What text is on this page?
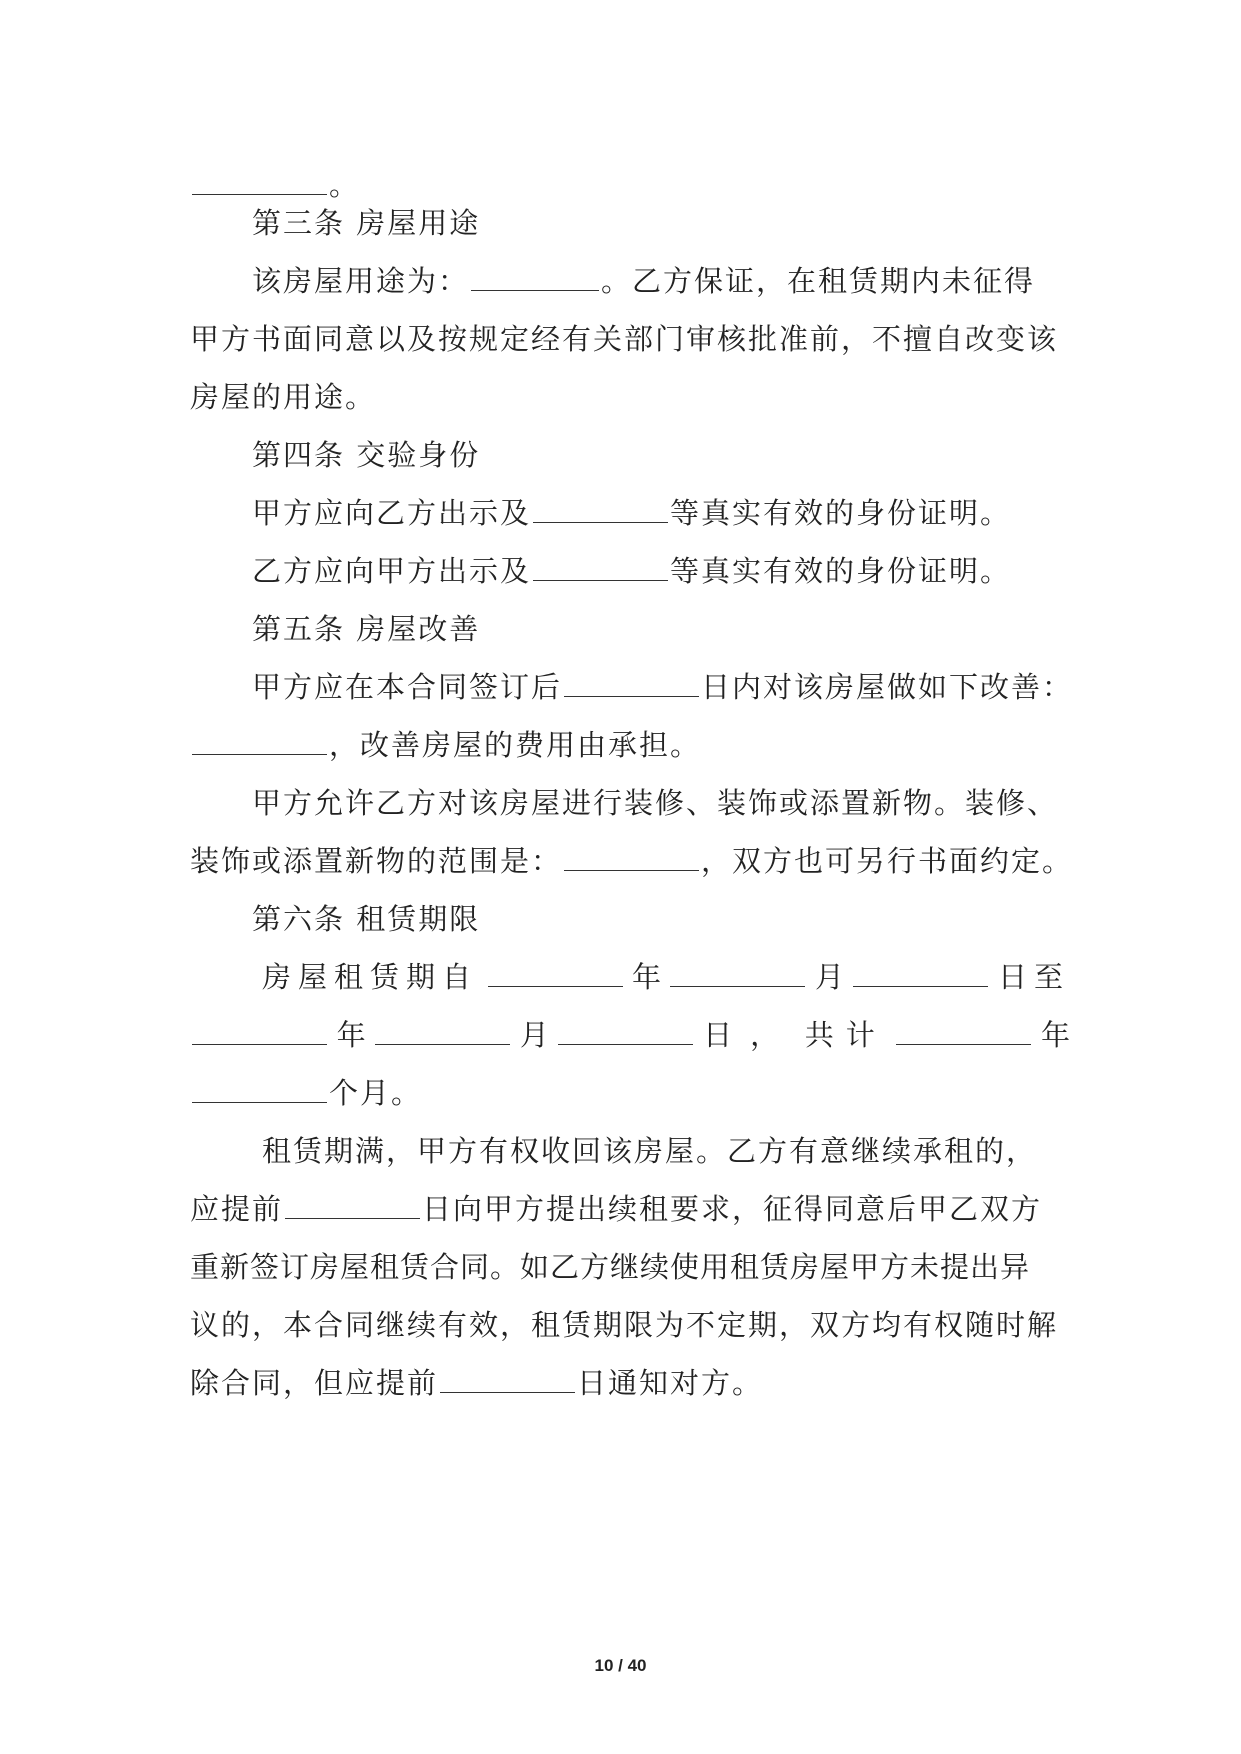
。
第三条 房屋用途
该房屋用途为：	。乙方保证，在租赁期内未征得
甲方书面同意以及按规定经有关部门审核批准前，不擅自改变该
房屋的用途。
第四条 交验身份
甲方应向乙方出示及	等真实有效的身份证明。
乙方应向甲方出示及	等真实有效的身份证明。
第五条 房屋改善
甲方应在本合同签订后	日内对该房屋做如下改善：
，改善房屋的费用由承担。
甲方允许乙方对该房屋进行装修、装饰或添置新物。装修、
装饰或添置新物的范围是：	，双方也可另行书面约定。
第六条 租赁期限
房屋租赁期自	年	月	日至
年	月	日， 共计	年
个月。
租赁期满，甲方有权收回该房屋。乙方有意继续承租的，
应提前	日向甲方提出续租要求，征得同意后甲乙双方
重新签订房屋租赁合同。如乙方继续使用租赁房屋甲方未提出异
议的，本合同继续有效，租赁期限为不定期，双方均有权随时解
除合同，但应提前	日通知对方。
10 / 40
